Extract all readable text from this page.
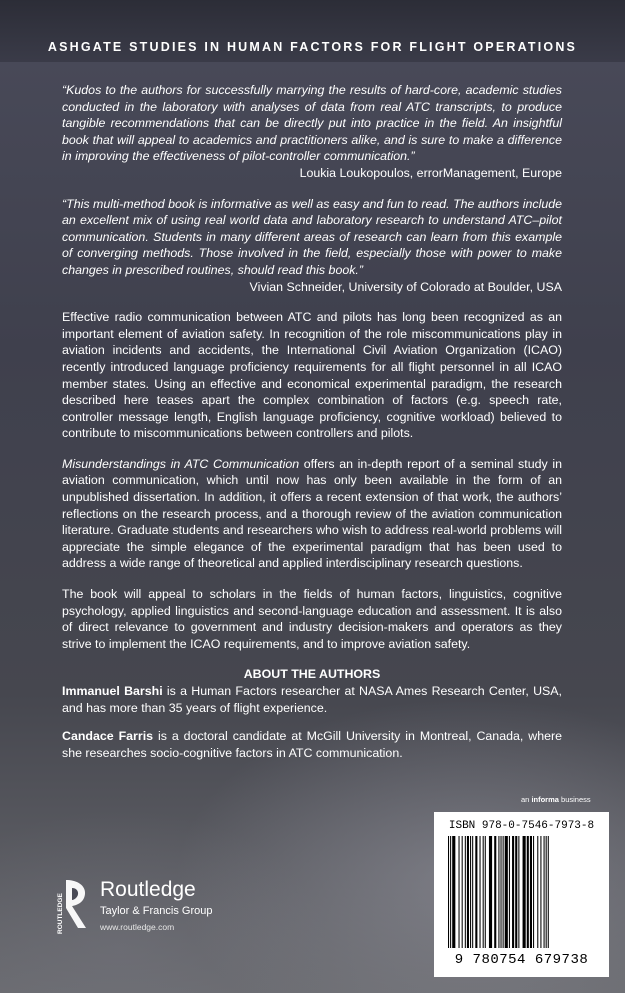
ASHGATE STUDIES IN HUMAN FACTORS FOR FLIGHT OPERATIONS

“Kudos to the authors for successfully marrying the results of hard-core, academic studies conducted in the laboratory with analyses of data from real ATC transcripts, to produce tangible recommendations that can be directly put into practice in the field. An insightful book that will appeal to academics and practitioners alike, and is sure to make a difference in improving the effectiveness of pilot-controller communication.”

Loukia Loukopoulos, errorManagement, Europe

“This multi-method book is informative as well as easy and fun to read. The authors include an excellent mix of using real world data and laboratory research to understand ATC–pilot communication. Students in many different areas of research can learn from this example of converging methods. Those involved in the field, especially those with power to make changes in prescribed routines, should read this book.”

Vivian Schneider, University of Colorado at Boulder, USA

Effective radio communication between ATC and pilots has long been recognized as an important element of aviation safety. In recognition of the role miscommunications play in aviation incidents and accidents, the International Civil Aviation Organization (ICAO) recently introduced language proficiency requirements for all flight personnel in all ICAO member states. Using an effective and economical experimental paradigm, the research described here teases apart the complex combination of factors (e.g. speech rate, controller message length, English language proficiency, cognitive workload) believed to contribute to miscommunications between controllers and pilots.

Misunderstandings in ATC Communication offers an in-depth report of a seminal study in aviation communication, which until now has only been available in the form of an unpublished dissertation. In addition, it offers a recent extension of that work, the authors’ reflections on the research process, and a thorough review of the aviation communication literature. Graduate students and researchers who wish to address real-world problems will appreciate the simple elegance of the experimental paradigm that has been used to address a wide range of theoretical and applied interdisciplinary research questions.

The book will appeal to scholars in the fields of human factors, linguistics, cognitive psychology, applied linguistics and second-language education and assessment. It is also of direct relevance to government and industry decision-makers and operators as they strive to implement the ICAO requirements, and to improve aviation safety.

ABOUT THE AUTHORS

Immanuel Barshi is a Human Factors researcher at NASA Ames Research Center, USA, and has more than 35 years of flight experience.

Candace Farris is a doctoral candidate at McGill University in Montreal, Canada, where she researches socio-cognitive factors in ATC communication.

an informa business
ISBN 978-0-7546-7973-8
9 780754 679738
ROUTLEDGE
Routledge
Taylor & Francis Group
www.routledge.com
